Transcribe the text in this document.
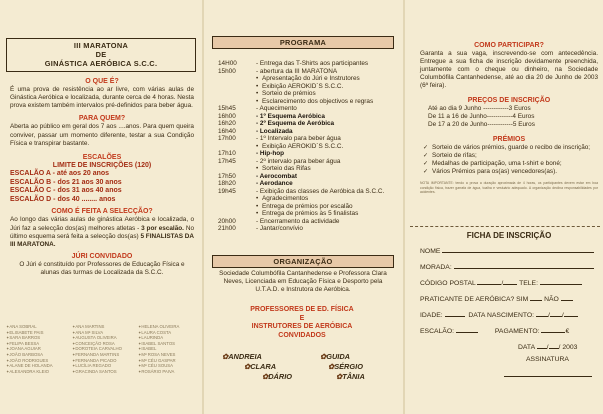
III MARATONA
DE
GINÁSTICA AERÓBICA S.C.C.
O QUE É?
É uma prova de resistência ao ar livre, com várias aulas de Ginástica Aeróbica e localizada, durante cerca de 4 horas. Nesta prova existem também intervalos pré-definidos para beber água.
PARA QUEM?
Aberta ao público em geral dos 7 aos ....anos. Para quem queira conviver, passar um momento diferente, testar a sua Condição Física e transpirar bastante.
ESCALÕES
LIMITE DE INSCRIÇÕES (120)
ESCALÃO A - até aos 20 anos
ESCALÃO B - dos 21 aos 30 anos
ESCALÃO C - dos 31 aos 40 anos
ESCALÃO D - dos 40 ........ anos
COMO É FEITA A SELECÇÃO?
Ao longo das várias aulas de ginástica Aeróbica e localizada, o Júri faz a selecção dos(as) melhores atletas - 3 por escalão. No último esquema será feita a selecção dos(as) 5 FINALISTAS DA III MARATONA.
JÚRI CONVIDADO
O Júri é constituído por Professores de Educação Física e alunas das turmas de Localizada da S.C.C.
✦ ANA SOBRAL
✦ ELISABETE PAIS
✦ SARA BARROS
✦ FELIPA BESSA
✦ JOANA AGUIAR
✦ JOÃO BARBOSA
✦ JOÃO RODRIGUES
✦ ALANE DE HOLANDA
✦ ALEXANDRA KLEIO
✦ ANA MARTINS
✦ ANA Mª SILVA
✦ AUGUSTA OLIVEIRA
✦ CONCEIÇÃO ROSA
✦ DOROTEIA CARVALHO
✦ FERNANDA MARTINS
✦ FERNANDA PICADO
✦ LUCÍLIA REGADO
✦ GRACINDA SANTOS
✦ HELENA OLIVEIRA
✦ LAURA COSTA
✦ LAURINDA
✦ ISABEL SANTOS
✦ ISABEL
✦ Mª ROSA NEVES
✦ Mª CÉU GASPAR
✦ Mª CÉU SOUSA
✦ ROSÁRIO PAIVA
PROGRAMA
14H00	- Entrega das T-Shirts aos participantes
15h00	- abertura da III MARATONA
• Apresentação do Júri e Instrutores
• Exibição AEROKID´S S.C.C.
• Sorteio de prémios
• Esclarecimento dos objectivos e regras
15h45	- Aquecimento
16h00	- 1º Esquema Aeróbica
16h20	- 2º Esquema de Aeróbica
16h40	- Localizada
17h00	- 1º Intervalo para beber água
• Exibição AEROKID´S S.C.C.
17h10	- Hip-hop
17h45	- 2º intervalo para beber água
• Sorteio das Rifas
17h50	- Aerocombat
18h20	- Aerodance
19h45	- Exibição das classes de Aeróbica da S.C.C.
• Agradecimentos
• Entrega de prémios por escalão
• Entrega de prémios às 5 finalistas
20h00	- Encerramento da actividade
21h00	- Jantar/convívio
ORGANIZAÇÃO
Sociedade Columbófila Cantanhedense e Professora Clara Neves, Licenciada em Educação Física e Desporto pela U.T.A.D. e Instrutora de Aeróbica.
PROFESSORES DE ED. FÍSICA
E
INSTRUTORES DE AERÓBICA
CONVIDADOS
✿ ANDREIA	✿ GUIDA
✿ CLARA	✿ SÉRGIO
✿ DÁRIO	✿ TÂNIA
COMO PARTICIPAR?
Garanta a sua vaga, inscrevendo-se com antecedência. Entregue a sua ficha de inscrição devidamente preenchida, juntamente com o cheque ou dinheiro, na Sociedade Columbófila Cantanhedense, até ao dia 20 de Junho de 2003 (6ª feira).
PREÇOS DE INSCRIÇÃO
Até ao dia 9 Junho ------------3 Euros
De 11 a 16 de Junho------------4 Euros
De 17 a 20 de Junho------------5 Euros
PRÉMIOS
✓ Sorteio de vários prémios, guarde o recibo de inscrição;
✓ Sorteio de rifas;
✓ Medalhas de participação, uma t-shirt e boné;
✓ Vários Prémios para os(as) vencedores(as).
NOTA IMPORTANTE: tendo a prova a duração aproximada de 4 horas, os participantes devem estar em boa condição física, trazer garrafa de água, toalha e vestuário adequado. A organização declina responsabilidades por acidentes.
FICHA DE INSCRIÇÃO
NOME
MORADA:
CÓDIGO POSTAL	/ TELE:
PRATICANTE DE AERÓBICA? SIM NÃO
IDADE:	DATA NASCIMENTO: / /
ESCALÃO:	PAGAMENTO:	€
DATA / / 2003
ASSINATURA
